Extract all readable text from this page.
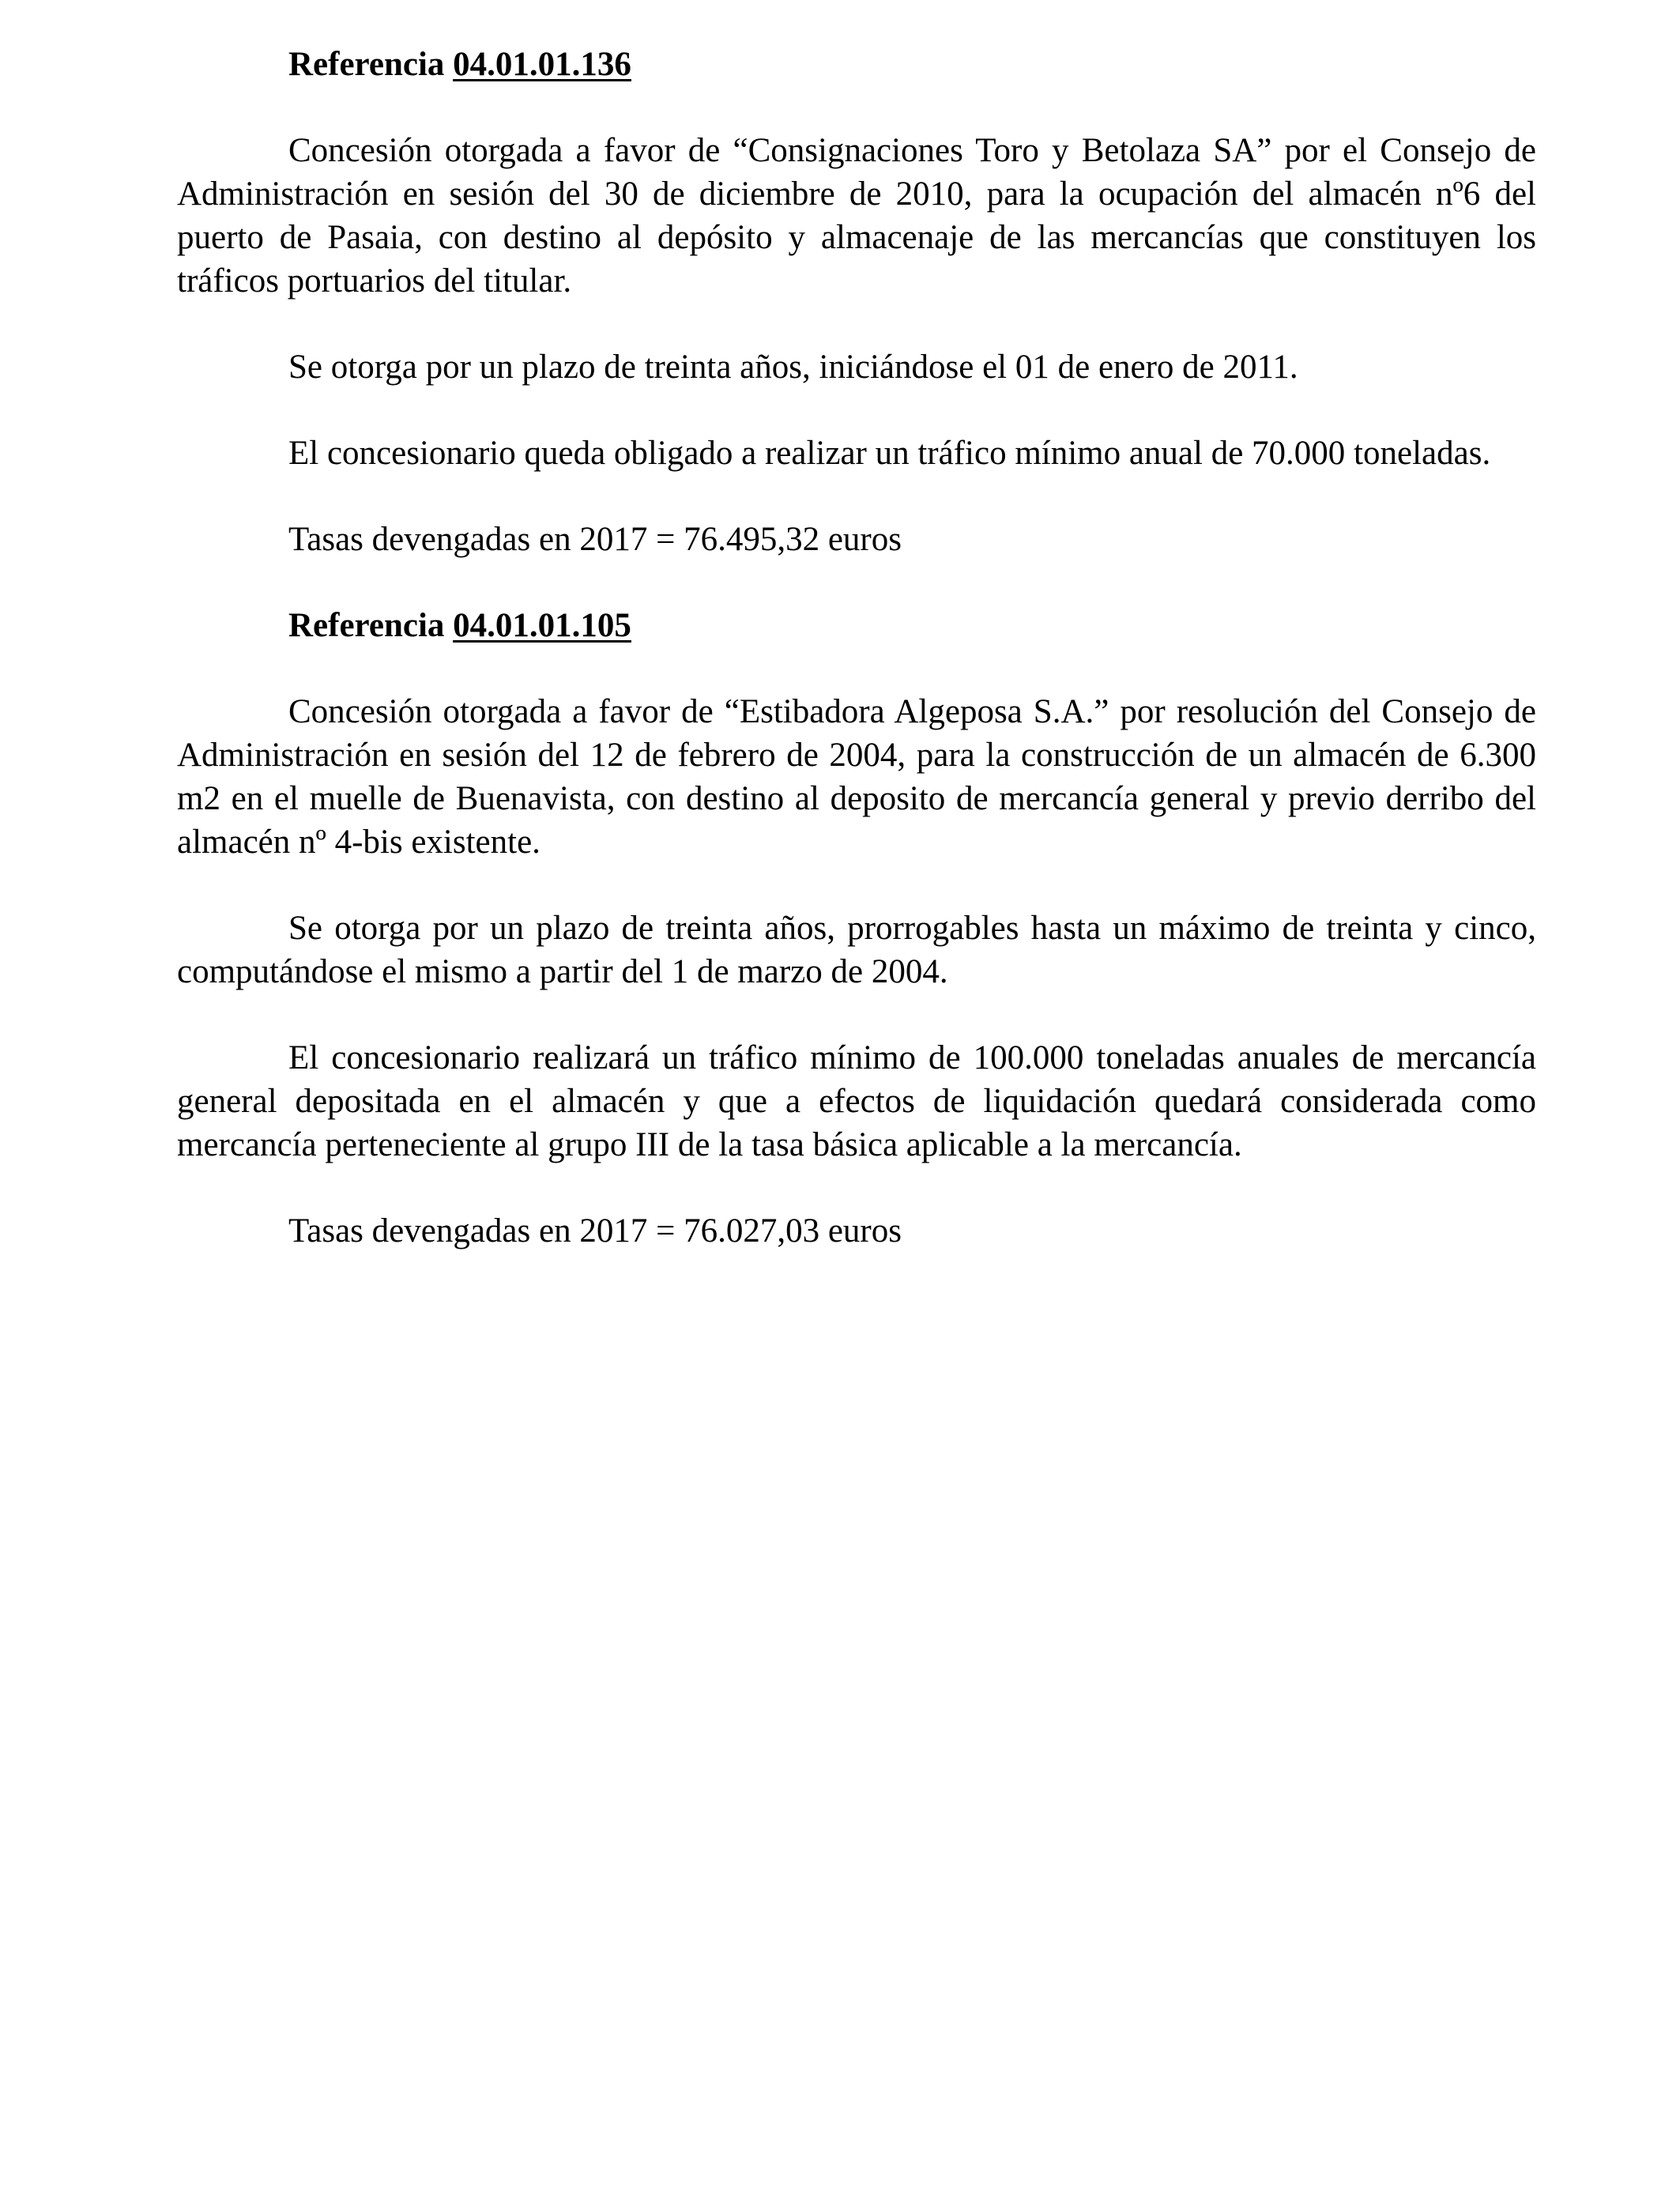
Referencia 04.01.01.136

Concesión otorgada a favor de “Consignaciones Toro y Betolaza SA” por el Consejo de Administración en sesión del 30 de diciembre de 2010, para la ocupación del almacén nº6 del puerto de Pasaia, con destino al depósito y almacenaje de las mercancías que constituyen los tráficos portuarios del titular.

Se otorga por un plazo de treinta años, iniciándose el 01 de enero de 2011.

El concesionario queda obligado a realizar un tráfico mínimo anual de 70.000 toneladas.

Tasas devengadas en 2017 = 76.495,32 euros

Referencia 04.01.01.105

Concesión otorgada a favor de “Estibadora Algeposa S.A.” por resolución del Consejo de Administración en sesión del 12 de febrero de 2004, para la construcción de un almacén de 6.300 m2 en el muelle de Buenavista, con destino al deposito de mercancía general y previo derribo del almacén nº 4-bis existente.

Se otorga por un plazo de treinta años, prorrogables hasta un máximo de treinta y cinco, computándose el mismo a partir del 1 de marzo de 2004.

El concesionario realizará un tráfico mínimo de 100.000 toneladas anuales de mercancía general depositada en el almacén y que a efectos de liquidación quedará considerada como mercancía perteneciente al grupo III de la tasa básica aplicable a la mercancía.

Tasas devengadas en 2017 = 76.027,03 euros
